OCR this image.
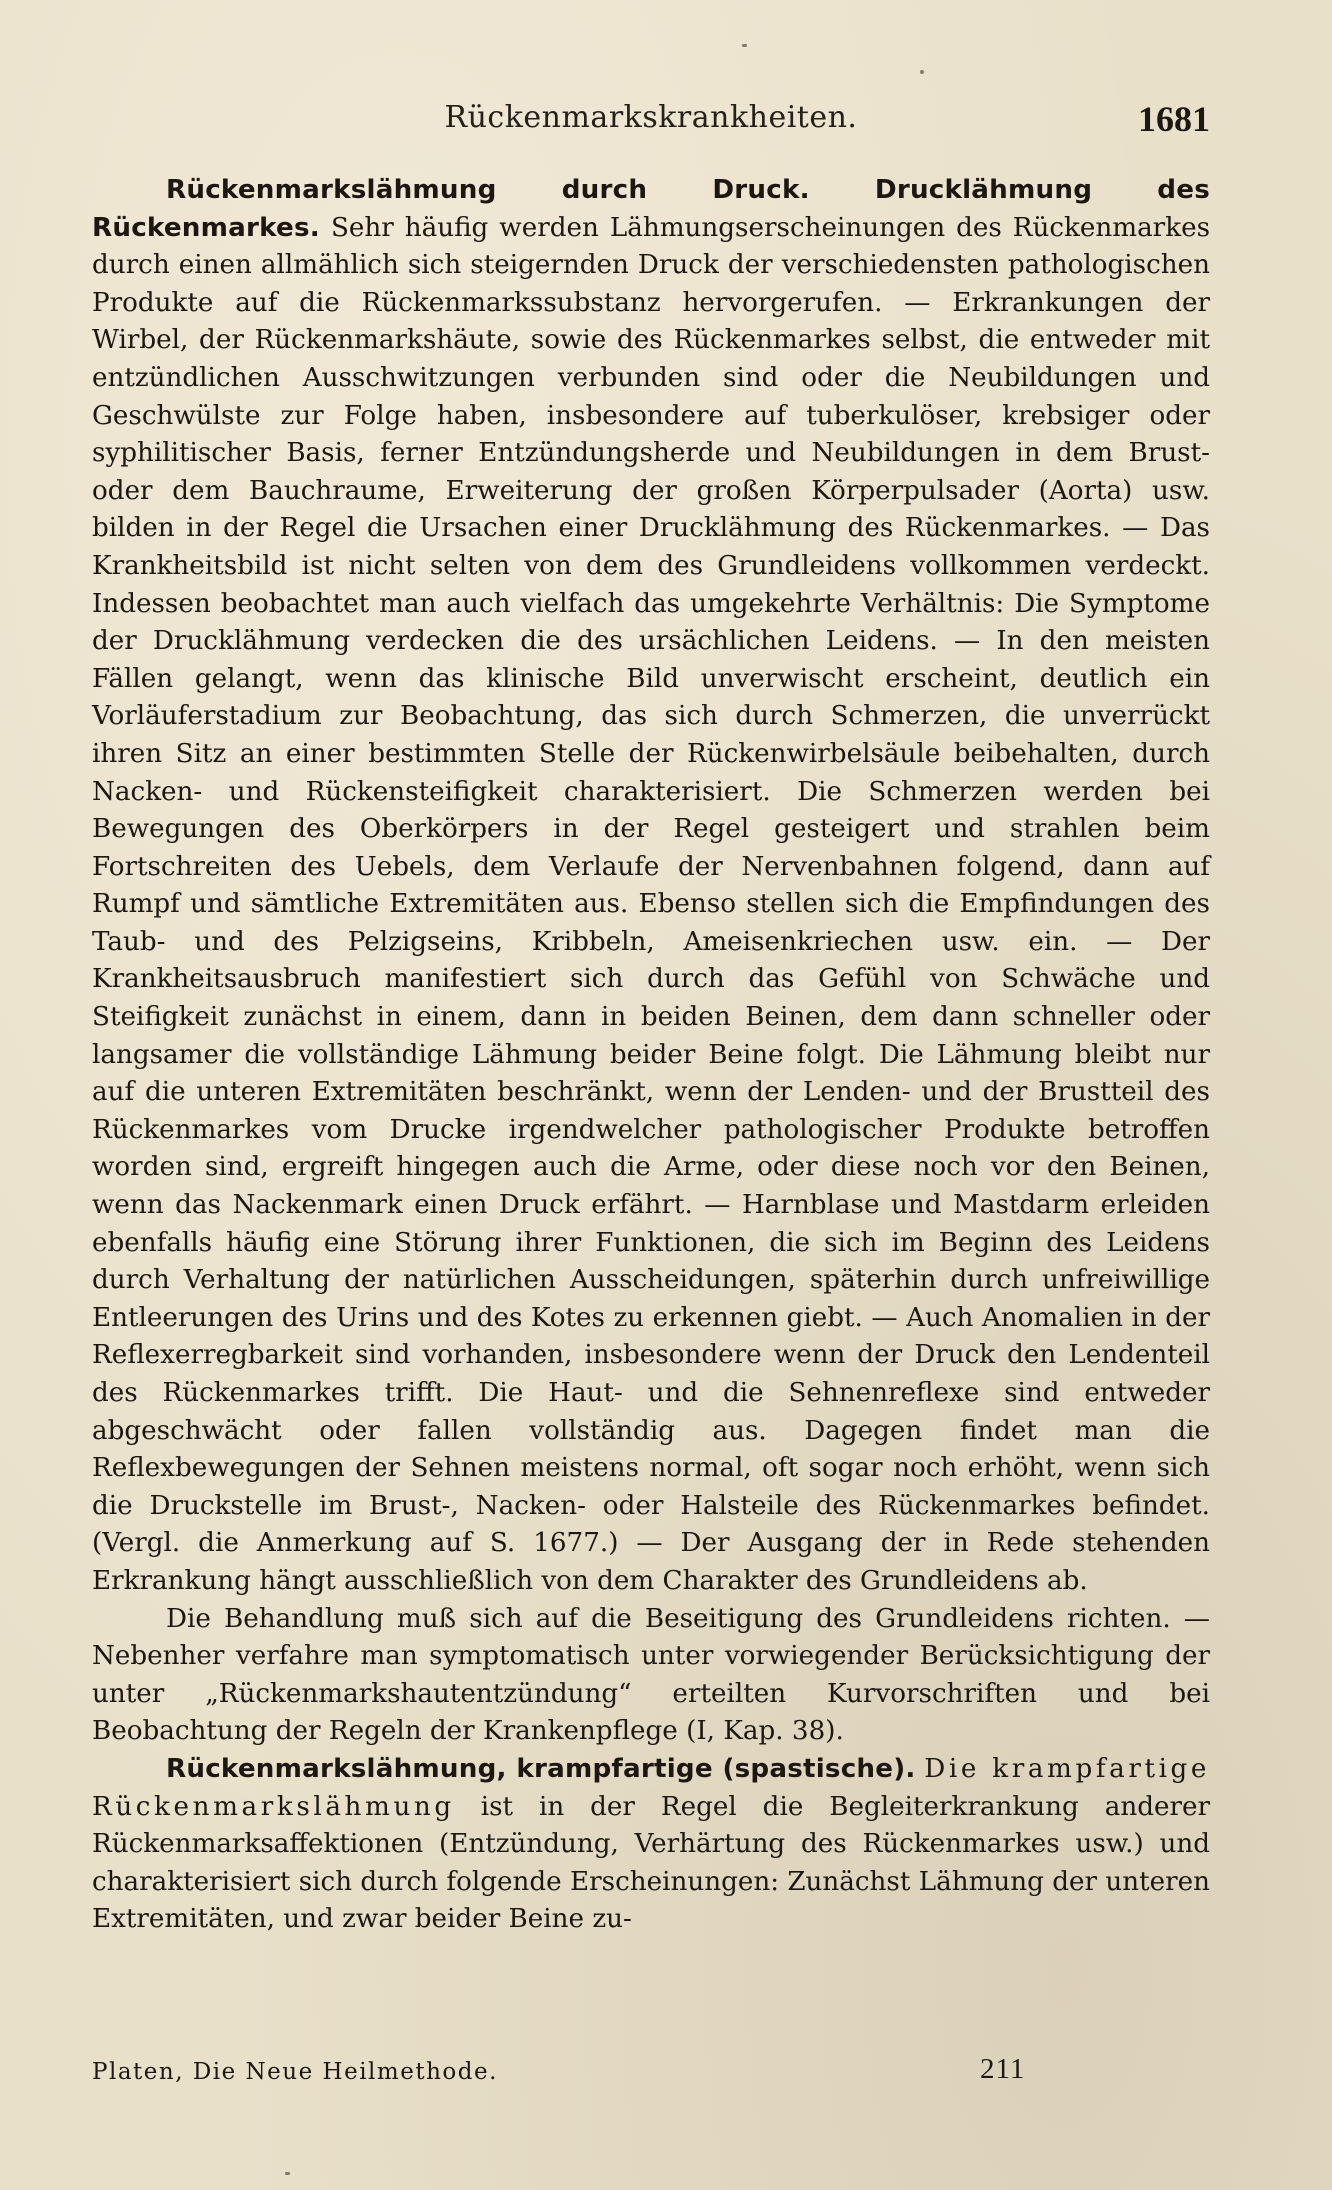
Rückenmarkskrankheiten.	1681

Rückenmarkslähmung durch Druck. Drucklähmung des Rückenmarkes. Sehr häufig werden Lähmungserscheinungen des Rückenmarkes durch einen allmählich sich steigernden Druck der verschiedensten pathologischen Produkte auf die Rückenmarkssubstanz hervorgerufen. — Erkrankungen der Wirbel, der Rückenmarkshäute, sowie des Rückenmarkes selbst, die entweder mit entzündlichen Ausschwitzungen verbunden sind oder die Neubildungen und Geschwülste zur Folge haben, insbesondere auf tuberkulöser, krebsiger oder syphilitischer Basis, ferner Entzündungsherde und Neubildungen in dem Brust- oder dem Bauchraume, Erweiterung der großen Körperpulsader (Aorta) usw. bilden in der Regel die Ursachen einer Drucklähmung des Rückenmarkes. — Das Krankheitsbild ist nicht selten von dem des Grundleidens vollkommen verdeckt. Indessen beobachtet man auch vielfach das umgekehrte Verhältnis: Die Symptome der Drucklähmung verdecken die des ursächlichen Leidens. — In den meisten Fällen gelangt, wenn das klinische Bild unverwischt erscheint, deutlich ein Vorläuferstadium zur Beobachtung, das sich durch Schmerzen, die unverrückt ihren Sitz an einer bestimmten Stelle der Rückenwirbelsäule beibehalten, durch Nacken- und Rückensteifigkeit charakterisiert. Die Schmerzen werden bei Bewegungen des Oberkörpers in der Regel gesteigert und strahlen beim Fortschreiten des Uebels, dem Verlaufe der Nervenbahnen folgend, dann auf Rumpf und sämtliche Extremitäten aus. Ebenso stellen sich die Empfindungen des Taub- und des Pelzigseins, Kribbeln, Ameisenkriechen usw. ein. — Der Krankheitsausbruch manifestiert sich durch das Gefühl von Schwäche und Steifigkeit zunächst in einem, dann in beiden Beinen, dem dann schneller oder langsamer die vollständige Lähmung beider Beine folgt. Die Lähmung bleibt nur auf die unteren Extremitäten beschränkt, wenn der Lenden- und der Brustteil des Rückenmarkes vom Drucke irgendwelcher pathologischer Produkte betroffen worden sind, ergreift hingegen auch die Arme, oder diese noch vor den Beinen, wenn das Nackenmark einen Druck erfährt. — Harnblase und Mastdarm erleiden ebenfalls häufig eine Störung ihrer Funktionen, die sich im Beginn des Leidens durch Verhaltung der natürlichen Ausscheidungen, späterhin durch unfreiwillige Entleerungen des Urins und des Kotes zu erkennen giebt. — Auch Anomalien in der Reflexerregbarkeit sind vorhanden, insbesondere wenn der Druck den Lendenteil des Rückenmarkes trifft. Die Haut- und die Sehnenreflexe sind entweder abgeschwächt oder fallen vollständig aus. Dagegen findet man die Reflexbewegungen der Sehnen meistens normal, oft sogar noch erhöht, wenn sich die Druckstelle im Brust-, Nacken- oder Halsteile des Rückenmarkes befindet. (Vergl. die Anmerkung auf S. 1677.) — Der Ausgang der in Rede stehenden Erkrankung hängt ausschließlich von dem Charakter des Grundleidens ab.

Die Behandlung muß sich auf die Beseitigung des Grundleidens richten. — Nebenher verfahre man symptomatisch unter vorwiegender Berücksichtigung der unter „Rückenmarkshautentzündung“ erteilten Kurvorschriften und bei Beobachtung der Regeln der Krankenpflege (I, Kap. 38).

Rückenmarkslähmung, krampfartige (spastische). Die krampfartige Rückenmarkslähmung ist in der Regel die Begleiterkrankung anderer Rückenmarksaffektionen (Entzündung, Verhärtung des Rückenmarkes usw.) und charakterisiert sich durch folgende Erscheinungen: Zunächst Lähmung der unteren Extremitäten, und zwar beider Beine zu-

Platen, Die Neue Heilmethode.	211
